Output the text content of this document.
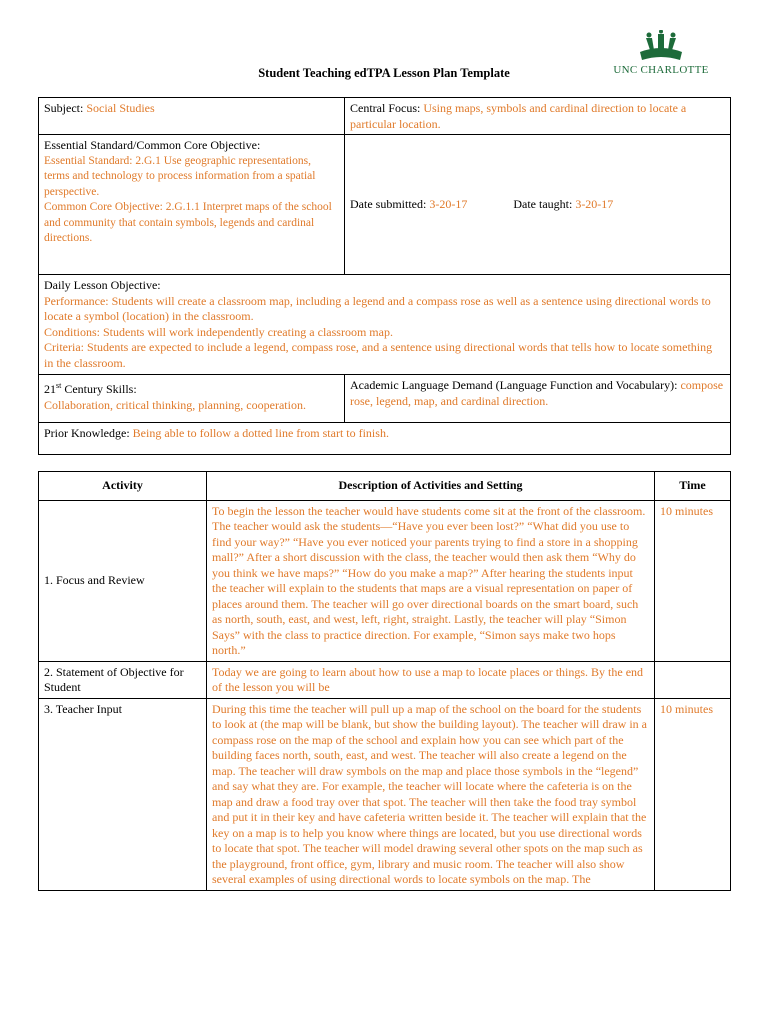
UNC CHARLOTTE
Student Teaching edTPA Lesson Plan Template
Subject: Social Studies	Central Focus: Using maps, symbols and cardinal direction to locate a particular location.

Essential Standard/Common Core Objective:
Essential Standard: 2.G.1 Use geographic representations, terms and technology to process information from a spatial perspective.
Common Core Objective: 2.G.1.1 Interpret maps of the school and community that contain symbols, legends and cardinal directions.	Date submitted: 3-20-17 Date taught: 3-20-17

Daily Lesson Objective:
Performance: Students will create a classroom map, including a legend and a compass rose as well as a sentence using directional words to locate a symbol (location) in the classroom.
Conditions: Students will work independently creating a classroom map.
Criteria: Students are expected to include a legend, compass rose, and a sentence using directional words that tells how to locate something in the classroom.	

21st Century Skills:
Collaboration, critical thinking, planning, cooperation.	Academic Language Demand (Language Function and Vocabulary): compose rose, legend, map, and cardinal direction.
Prior Knowledge: Being able to follow a dotted line from start to finish.	
Activity	Description of Activities and Setting	Time
1. Focus and Review	To begin the lesson the teacher would have students come sit at the front of the classroom. The teacher would ask the students—“Have you ever been lost?” “What did you use to find your way?” “Have you ever noticed your parents trying to find a store in a shopping mall?” After a short discussion with the class, the teacher would then ask them “Why do you think we have maps?” “How do you make a map?” After hearing the students input the teacher will explain to the students that maps are a visual representation on paper of places around them. The teacher will go over directional boards on the smart board, such as north, south, east, and west, left, right, straight. Lastly, the teacher will play “Simon Says” with the class to practice direction. For example, “Simon says make two hops north.”	10 minutes
2. Statement of Objective for Student	Today we are going to learn about how to use a map to locate places or things. By the end of the lesson you will be	
3. Teacher Input	During this time the teacher will pull up a map of the school on the board for the students to look at (the map will be blank, but show the building layout). The teacher will draw in a compass rose on the map of the school and explain how you can see which part of the building faces north, south, east, and west. The teacher will also create a legend on the map. The teacher will draw symbols on the map and place those symbols in the “legend” and say what they are. For example, the teacher will locate where the cafeteria is on the map and draw a food tray over that spot. The teacher will then take the food tray symbol and put it in their key and have cafeteria written beside it. The teacher will explain that the key on a map is to help you know where things are located, but you use directional words to locate that spot. The teacher will model drawing several other spots on the map such as the playground, front office, gym, library and music room. The teacher will also show several examples of using directional words to locate symbols on the map. The	10 minutes
